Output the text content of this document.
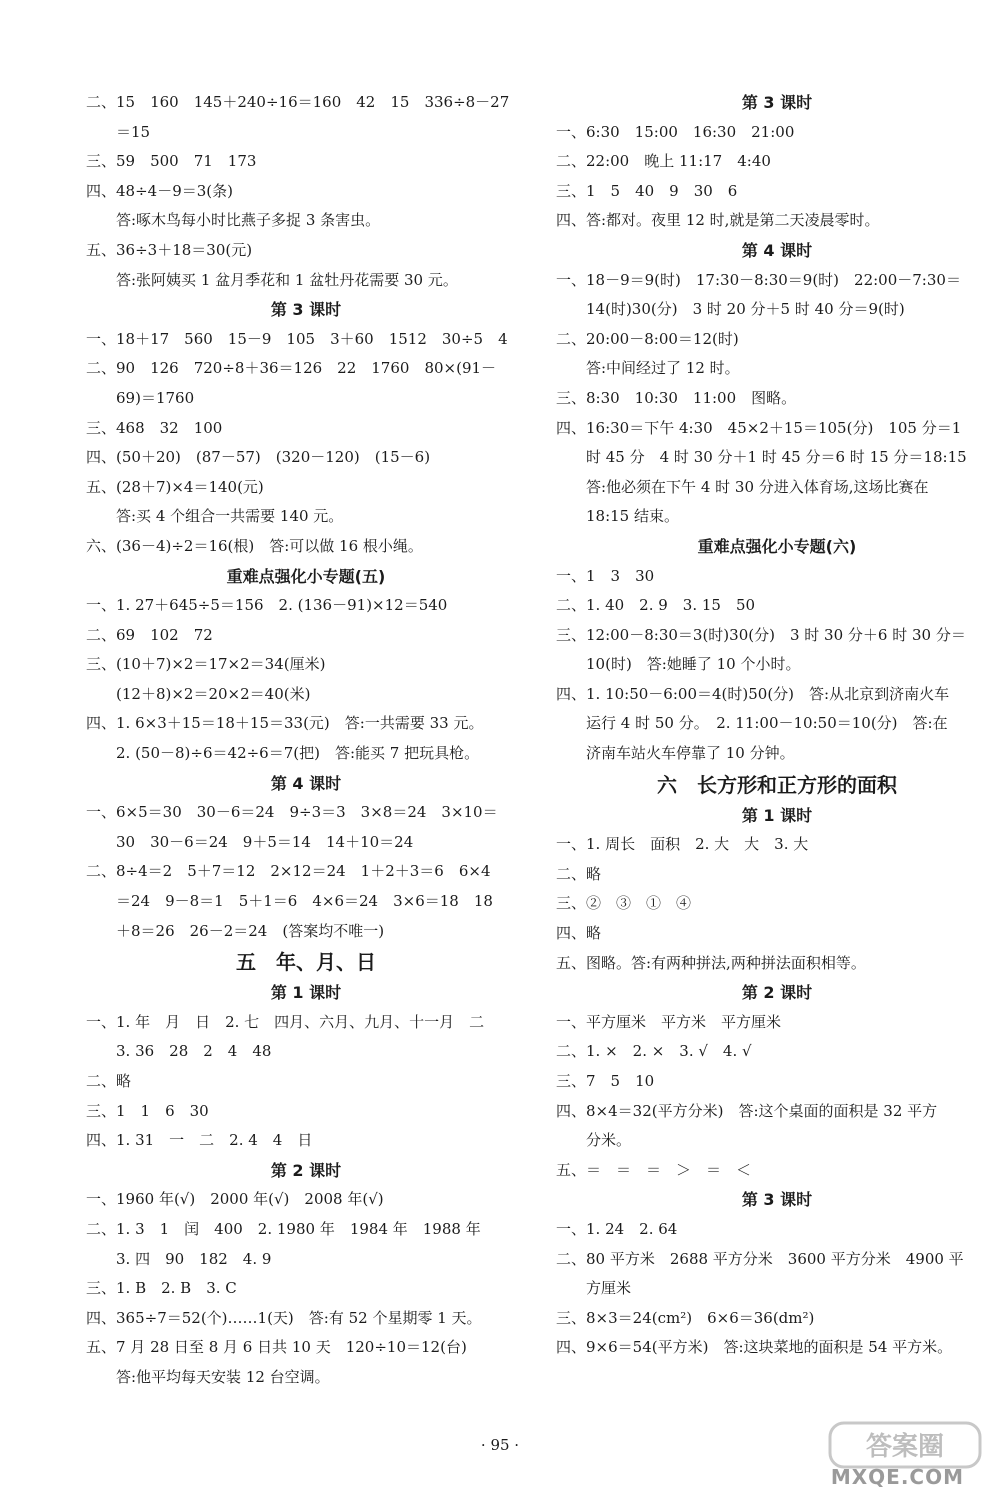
二、15　160　145＋240÷16＝160　42　15　336÷8－27
＝15
三、59　500　71　173
四、48÷4－9＝3(条)
答:啄木鸟每小时比燕子多捉 3 条害虫。
五、36÷3＋18＝30(元)
答:张阿姨买 1 盆月季花和 1 盆牡丹花需要 30 元。
第 3 课时
一、18＋17　560　15－9　105　3＋60　1512　30÷5　4
二、90　126　720÷8＋36＝126　22　1760　80×(91－
69)＝1760
三、468　32　100
四、(50＋20)　(87－57)　(320－120)　(15－6)
五、(28＋7)×4＝140(元)
答:买 4 个组合一共需要 140 元。
六、(36－4)÷2＝16(根)　答:可以做 16 根小绳。
重难点强化小专题(五)
一、1. 27＋645÷5＝156　2. (136－91)×12＝540
二、69　102　72
三、(10＋7)×2＝17×2＝34(厘米)
(12＋8)×2＝20×2＝40(米)
四、1. 6×3＋15＝18＋15＝33(元)　答:一共需要 33 元。
2. (50－8)÷6＝42÷6＝7(把)　答:能买 7 把玩具枪。
第 4 课时
一、6×5＝30　30－6＝24　9÷3＝3　3×8＝24　3×10＝
30　30－6＝24　9＋5＝14　14＋10＝24
二、8÷4＝2　5＋7＝12　2×12＝24　1＋2＋3＝6　6×4
＝24　9－8＝1　5＋1＝6　4×6＝24　3×6＝18　18
＋8＝26　26－2＝24　(答案均不唯一)
五　年、月、日
第 1 课时
一、1. 年　月　日　2. 七　四月、六月、九月、十一月　二
3. 36　28　2　4　48
二、略
三、1　1　6　30
四、1. 31　一　二　2. 4　4　日
第 2 课时
一、1960 年(√)　2000 年(√)　2008 年(√)
二、1. 3　1　闰　400　2. 1980 年　1984 年　1988 年
3. 四　90　182　4. 9
三、1. B　2. B　3. C
四、365÷7＝52(个)……1(天)　答:有 52 个星期零 1 天。
五、7 月 28 日至 8 月 6 日共 10 天　120÷10＝12(台)
答:他平均每天安装 12 台空调。
第 3 课时
一、6:30　15:00　16:30　21:00
二、22:00　晚上 11:17　4:40
三、1　5　40　9　30　6
四、答:都对。夜里 12 时,就是第二天凌晨零时。
第 4 课时
一、18－9＝9(时)　17:30－8:30＝9(时)　22:00－7:30＝
14(时)30(分)　3 时 20 分＋5 时 40 分＝9(时)
二、20:00－8:00＝12(时)
答:中间经过了 12 时。
三、8:30　10:30　11:00　图略。
四、16:30＝下午 4:30　45×2＋15＝105(分)　105 分＝1
时 45 分　4 时 30 分＋1 时 45 分＝6 时 15 分＝18:15
答:他必须在下午 4 时 30 分进入体育场,这场比赛在
18:15 结束。
重难点强化小专题(六)
一、1　3　30
二、1. 40　2. 9　3. 15　50
三、12:00－8:30＝3(时)30(分)　3 时 30 分＋6 时 30 分＝
10(时)　答:她睡了 10 个小时。
四、1. 10:50－6:00＝4(时)50(分)　答:从北京到济南火车
运行 4 时 50 分。　2. 11:00－10:50＝10(分)　答:在
济南车站火车停靠了 10 分钟。
六　长方形和正方形的面积
第 1 课时
一、1. 周长　面积　2. 大　大　3. 大
二、略
三、②　③　①　④
四、略
五、图略。答:有两种拼法,两种拼法面积相等。
第 2 课时
一、平方厘米　平方米　平方厘米
二、1. ×　2. ×　3. √　4. √
三、7　5　10
四、8×4＝32(平方分米)　答:这个桌面的面积是 32 平方
分米。
五、＝　＝　＝　＞　＝　＜
第 3 课时
一、1. 24　2. 64
二、80 平方米　2688 平方分米　3600 平方分米　4900 平
方厘米
三、8×3＝24(cm²)　6×6＝36(dm²)
四、9×6＝54(平方米)　答:这块菜地的面积是 54 平方米。
· 95 ·	答案圈
MXQE.COM
